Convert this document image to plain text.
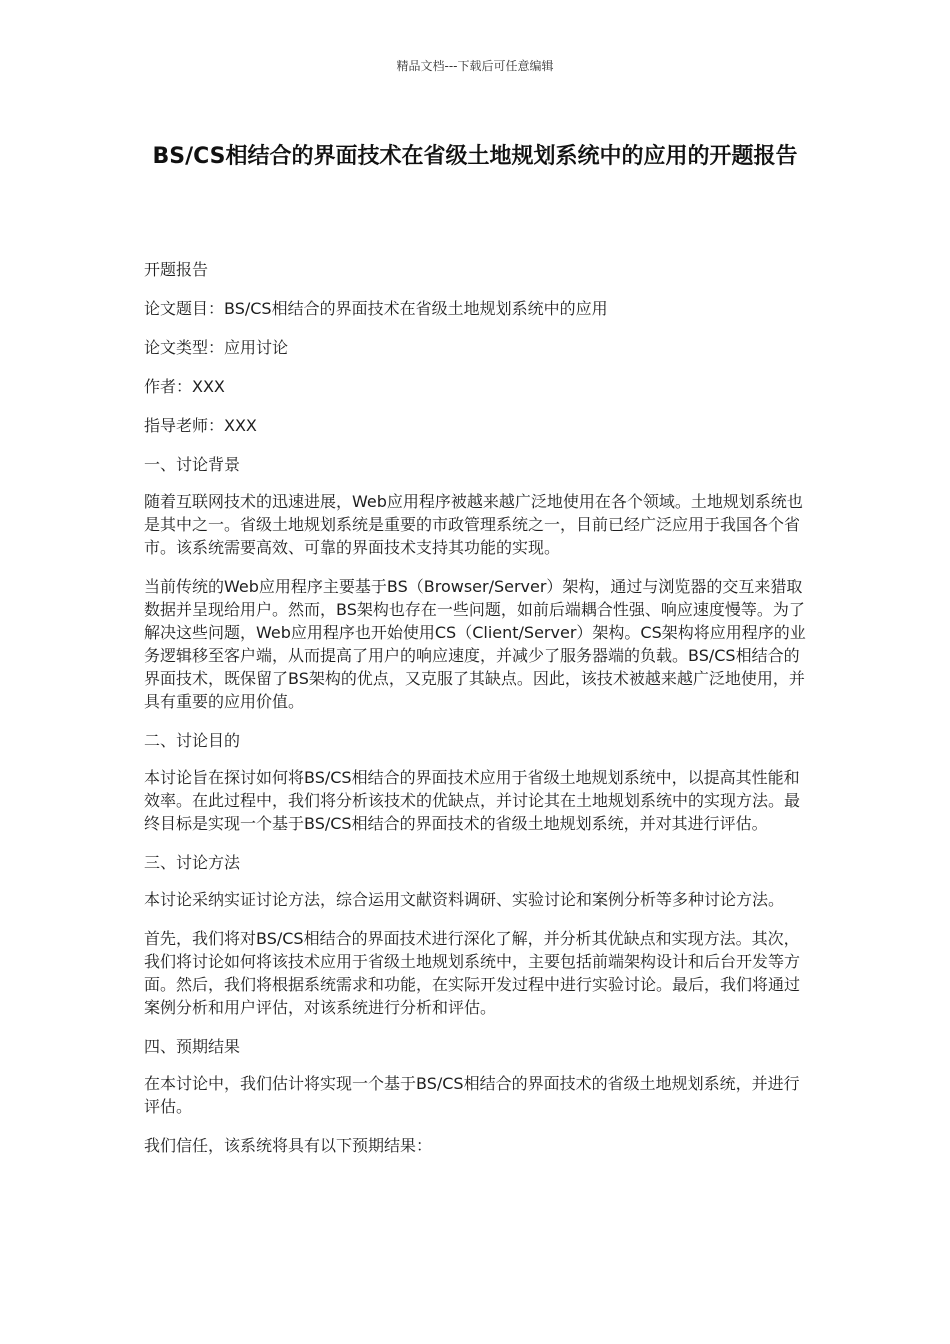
精品文档---下载后可任意编辑
BS/CS相结合的界面技术在省级土地规划系统中的应用的开题报告

开题报告

论文题目：BS/CS相结合的界面技术在省级土地规划系统中的应用

论文类型：应用讨论

作者：XXX

指导老师：XXX

一、讨论背景

随着互联网技术的迅速进展，Web应用程序被越来越广泛地使用在各个领域。土地规划系统也是其中之一。省级土地规划系统是重要的市政管理系统之一，目前已经广泛应用于我国各个省市。该系统需要高效、可靠的界面技术支持其功能的实现。

当前传统的Web应用程序主要基于BS（Browser/Server）架构，通过与浏览器的交互来猎取数据并呈现给用户。然而，BS架构也存在一些问题，如前后端耦合性强、响应速度慢等。为了解决这些问题，Web应用程序也开始使用CS（Client/Server）架构。CS架构将应用程序的业务逻辑移至客户端，从而提高了用户的响应速度，并减少了服务器端的负载。BS/CS相结合的界面技术，既保留了BS架构的优点，又克服了其缺点。因此，该技术被越来越广泛地使用，并具有重要的应用价值。

二、讨论目的

本讨论旨在探讨如何将BS/CS相结合的界面技术应用于省级土地规划系统中，以提高其性能和效率。在此过程中，我们将分析该技术的优缺点，并讨论其在土地规划系统中的实现方法。最终目标是实现一个基于BS/CS相结合的界面技术的省级土地规划系统，并对其进行评估。

三、讨论方法

本讨论采纳实证讨论方法，综合运用文献资料调研、实验讨论和案例分析等多种讨论方法。

首先，我们将对BS/CS相结合的界面技术进行深化了解，并分析其优缺点和实现方法。其次，我们将讨论如何将该技术应用于省级土地规划系统中，主要包括前端架构设计和后台开发等方面。然后，我们将根据系统需求和功能，在实际开发过程中进行实验讨论。最后，我们将通过案例分析和用户评估，对该系统进行分析和评估。

四、预期结果

在本讨论中，我们估计将实现一个基于BS/CS相结合的界面技术的省级土地规划系统，并进行评估。

我们信任，该系统将具有以下预期结果：
